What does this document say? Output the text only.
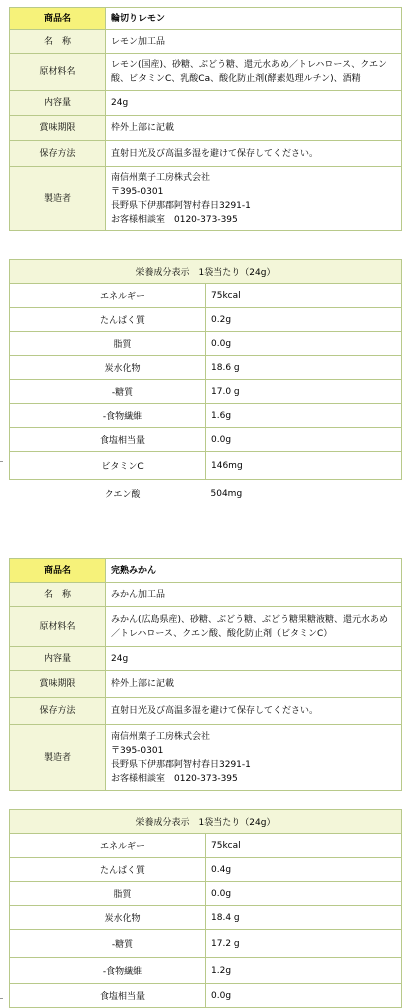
商品名	輪切りレモン
名　称	レモン加工品
原材料名	レモン(国産)、砂糖、ぶどう糖、還元水あめ／トレハロース、クエン酸、ビタミンC、乳酸Ca、酸化防止剤(酵素処理ルチン)、酒精
内容量	24g
賞味期限	枠外上部に記載
保存方法	直射日光及び高温多湿を避けて保存してください。
製造者	南信州菓子工房株式会社
〒395-0301
長野県下伊那郡阿智村春日3291-1
お客様相談室　0120-373-395
栄養成分表示　1袋当たり（24g）	
エネルギー	75kcal
たんぱく質	0.2g
脂質	0.0g
炭水化物	18.6 g
-糖質	17.0 g
-食物繊維	1.6g
食塩相当量	0.0g
ビタミンC	146mg
クエン酸	504mg
商品名	完熟みかん
名　称	みかん加工品
原材料名	みかん(広島県産)、砂糖、ぶどう糖、ぶどう糖果糖液糖、還元水あめ／トレハロース、クエン酸、酸化防止剤（ビタミンC）
内容量	24g
賞味期限	枠外上部に記載
保存方法	直射日光及び高温多湿を避けて保存してください。
製造者	南信州菓子工房株式会社
〒395-0301
長野県下伊那郡阿智村春日3291-1
お客様相談室　0120-373-395
栄養成分表示　1袋当たり（24g）	
エネルギー	75kcal
たんぱく質	0.4g
脂質	0.0g
炭水化物	18.4 g
-糖質	17.2 g
-食物繊維	1.2g
食塩相当量	0.0g
